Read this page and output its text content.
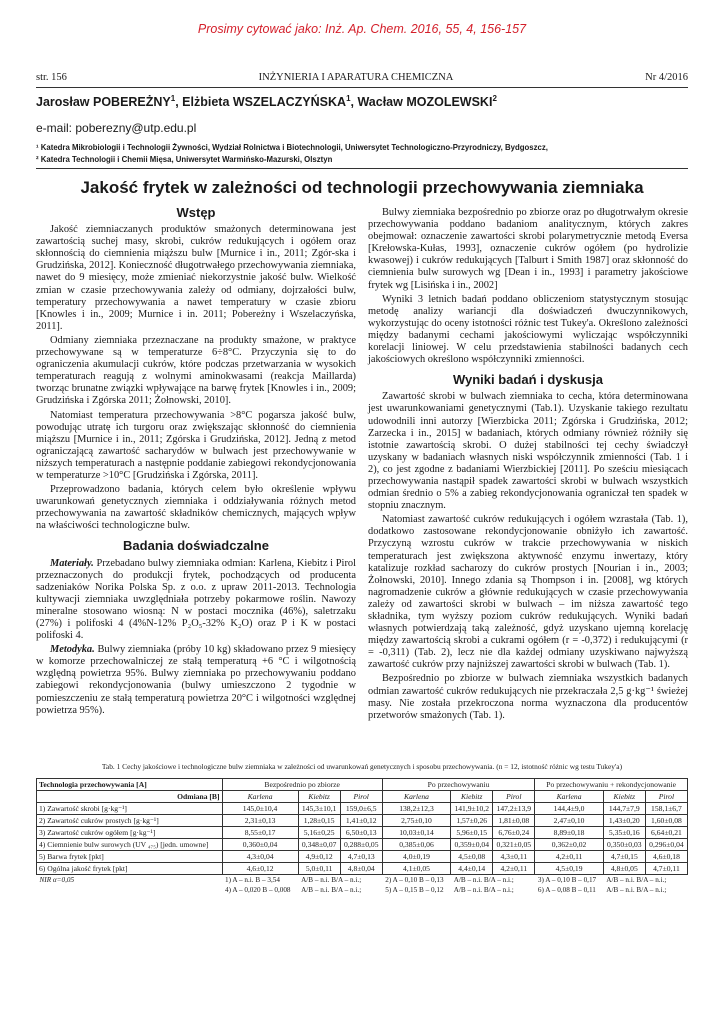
Prosimy cytować jako: Inż. Ap. Chem. 2016, 55, 4, 156-157
str. 156	INŻYNIERIA I APARATURA CHEMICZNA	Nr 4/2016
Jarosław POBEREŻNY$^1$, Elżbieta WSZELACZYŃSKA$^1$, Wacław MOZOLEWSKI$^2$
e-mail: poberezny@utp.edu.pl
¹ Katedra Mikrobiologii i Technologii Żywności, Wydział Rolnictwa i Biotechnologii, Uniwersytet Technologiczno-Przyrodniczy, Bydgoszcz,
² Katedra Technologii i Chemii Mięsa, Uniwersytet Warmińsko-Mazurski, Olsztyn
Jakość frytek w zależności od technologii przechowywania ziemniaka
Wstęp

Jakość ziemniaczanych produktów smażonych determinowana jest zawartością suchej masy, skrobi, cukrów redukujących i ogółem oraz skłonnością do ciemnienia miąższu bulw [Murnice i in., 2011; Zgór-ska i Grudzińska, 2012]. Konieczność długotrwałego przechowywania ziemniaka, nawet do 9 miesięcy, może zmieniać niekorzystnie jakość bulw. Wielkość zmian w czasie przechowywania zależy od odmiany, dojrzałości bulw, temperatury przechowywania a nawet temperatury w czasie zbioru [Knowles i in., 2009; Murnice i in. 2011; Pobereżny i Wszelaczyńska, 2011].

Odmiany ziemniaka przeznaczane na produkty smażone, w praktyce przechowywane są w temperaturze 6÷8°C. Przyczynia się to do ograniczenia akumulacji cukrów, które podczas przetwarzania w wysokich temperaturach reagują z wolnymi aminokwasami (reakcja Maillarda) tworząc brunatne związki wpływające na barwę frytek [Knowles i in., 2009; Grudzińska i Zgórska 2011; Żołnowski, 2010].

Natomiast temperatura przechowywania >8°C pogarsza jakość bulw, powodując utratę ich turgoru oraz zwiększając skłonność do ciemnienia miąższu [Murnice i in., 2011; Zgórska i Grudzińska, 2012]. Jedną z metod ograniczającą zawartość sacharydów w bulwach jest przechowywanie w niższych temperaturach a następnie poddanie zabiegowi rekondycjonowania w temperaturze >10°C [Grudzińska i Zgórska, 2011].

Przeprowadzono badania, których celem było określenie wpływu uwarunkowań genetycznych ziemniaka i oddziaływania różnych metod przechowywania na zawartość składników chemicznych, mających wpływ na właściwości technologiczne bulw.

Badania doświadczalne

Materiały. Przebadano bulwy ziemniaka odmian: Karlena, Kiebitz i Pirol przeznaczonych do produkcji frytek, pochodzących od producenta sadzeniaków Norika Polska Sp. z o.o. z upraw 2011-2013. Technologia kultywacji ziemniaka uwzględniała potrzeby pokarmowe roślin. Nawozy mineralne stosowano wiosną: N w postaci mocznika (46%), saletrzaku (27%) i polifoski 4 (4%N-12% P₂O₅-32% K₂O) oraz P i K w postaci polifoski 4.

Metodyka. Bulwy ziemniaka (próby 10 kg) składowano przez 9 miesięcy w komorze przechowalniczej ze stałą temperaturą +6 °C i wilgotnością względną powietrza 95%. Bulwy ziemniaka po przechowywaniu poddano zabiegowi rekondycjonowania (bulwy umieszczono 2 tygodnie w pomieszczeniu ze stałą temperaturą powietrza 20°C i wilgotności względnej powietrza 95%).

Bulwy ziemniaka bezpośrednio po zbiorze oraz po długotrwałym okresie przechowywania poddano badaniom analitycznym, których zakres obejmował: oznaczenie zawartości skrobi polarymetrycznie metodą Eversa [Krełowska-Kułas, 1993], oznaczenie cukrów ogółem (po hydrolizie kwasowej) i cukrów redukujących [Talburt i Smith 1987] oraz skłonność do ciemnienia bulw surowych wg [Dean i in., 1993] i parametry jakościowe frytek wg [Lisińska i in., 2002]

Wyniki 3 letnich badań poddano obliczeniom statystycznym stosując metodę analizy wariancji dla doświadczeń dwuczynnikowych, wykorzystując do oceny istotności różnic test Tukey'a. Określono zależności między badanymi cechami jakościowymi wyliczając współczynniki korelacji liniowej. W celu przedstawienia stabilności badanych cech jakościowych określono współczynniki zmienności.

Wyniki badań i dyskusja

Zawartość skrobi w bulwach ziemniaka to cecha, która determinowana jest uwarunkowaniami genetycznymi (Tab.1). Uzyskanie takiego rezultatu udowodnili inni autorzy [Wierzbicka 2011; Zgórska i Grudzińska, 2012; Zarzecka i in., 2015] w badaniach, których odmiany również różniły się istotnie zawartością skrobi. O dużej stabilności tej cechy świadczył uzyskany w badaniach własnych niski współczynnik zmienności (Tab. 1 i 2), co jest zgodne z badaniami Wierzbickiej [2011]. Po sześciu miesiącach przechowywania nastąpił spadek zawartości skrobi w bulwach wszystkich odmian średnio o 5% a zabieg rekondycjonowania ograniczał ten spadek w stopniu znacznym.

Natomiast zawartość cukrów redukujących i ogółem wzrastała (Tab. 1), dodatkowo zastosowane rekondycjonowanie obniżyło ich zawartość. Przyczyną wzrostu cukrów w trakcie przechowywania w niskich temperaturach jest zwiększona aktywność enzymu inwertazy, który katalizuje rozkład sacharozy do cukrów prostych [Nourian i in., 2003; Żołnowski, 2010]. Innego zdania są Thompson i in. [2008], wg których nagromadzenie cukrów a głównie redukujących w czasie przechowywania zależy od zawartości skrobi w bulwach – im niższa zawartość tego składnika, tym wyższy poziom cukrów redukujących. Wyniki badań własnych potwierdzają taką zależność, gdyż uzyskano ujemną korelację między zawartością skrobi a cukrami ogółem (r = -0,372) i redukującymi (r = -0,311) (Tab. 2), lecz nie dla każdej odmiany uzyskiwano najwyższą zawartość cukrów przy najniższej zawartości skrobi w bulwach (Tab. 1).

Bezpośrednio po zbiorze w bulwach ziemniaka wszystkich badanych odmian zawartość cukrów redukujących nie przekraczała 2,5 g·kg⁻¹ świeżej masy. Nie została przekroczona norma wyznaczona dla producentów przetworów smażonych (Tab. 1).

Tab. 1 Cechy jakościowe i technologiczne bulw ziemniaka w zależności od uwarunkowań genetycznych i sposobu przechowywania. (n = 12, istotność różnic wg testu Tukey'a)
Technologia przechowywania [A]	Bezpośrednio po zbiorze			Po przechowywaniu			Po przechowywaniu + rekondycjonowanie		
Odmiana [B]	Karlena	Kiebitz	Pirol	Karlena	Kiebitz	Pirol	Karlena	Kiebitz	Pirol
1) Zawartość skrobi [g·kg⁻¹]	145,0±10,4	145,3±10,1	159,0±6,5	138,2±12,3	141,9±10,2	147,2±13,9	144,4±9,0	144,7±7,9	158,1±6,7
2) Zawartość cukrów prostych [g·kg⁻¹]	2,31±0,13	1,28±0,15	1,41±0,12	2,75±0,10	1,57±0,26	1,81±0,08	2,47±0,10	1,43±0,20	1,60±0,08
3) Zawartość cukrów ogółem [g·kg⁻¹]	8,55±0,17	5,16±0,25	6,50±0,13	10,03±0,14	5,96±0,15	6,76±0,24	8,89±0,18	5,35±0,16	6,64±0,21
4) Ciemnienie bulw surowych (UV ₄₇₅) [jedn. umowne]	0,360±0,04	0,348±0,07	0,288±0,05	0,385±0,06	0,359±0,04	0,321±0,05	0,362±0,02	0,350±0,03	0,296±0,04
5) Barwa frytek [pkt]	4,3±0,04	4,9±0,12	4,7±0,13	4,0±0,19	4,5±0,08	4,3±0,11	4,2±0,11	4,7±0,15	4,6±0,18
6) Ogólna jakość frytek [pkt]	4,6±0,12	5,0±0,11	4,8±0,04	4,1±0,05	4,4±0,14	4,2±0,11	4,5±0,19	4,8±0,05	4,7±0,11
NIR α=0,05	1) A – n.i. B – 3,54	A/B – n.i. B/A – n.i.;		2) A – 0,10 B – 0,13	A/B – n.i. B/A – n.i.;		3) A – 0,10 B – 0,17	A/B – n.i. B/A – n.i.;	
	4) A – 0,020 B – 0,008	A/B – n.i. B/A – n.i.;		5) A – 0,15 B – 0,12	A/B – n.i. B/A – n.i.;		6) A – 0,08 B – 0,11	A/B – n.i. B/A – n.i.;	
